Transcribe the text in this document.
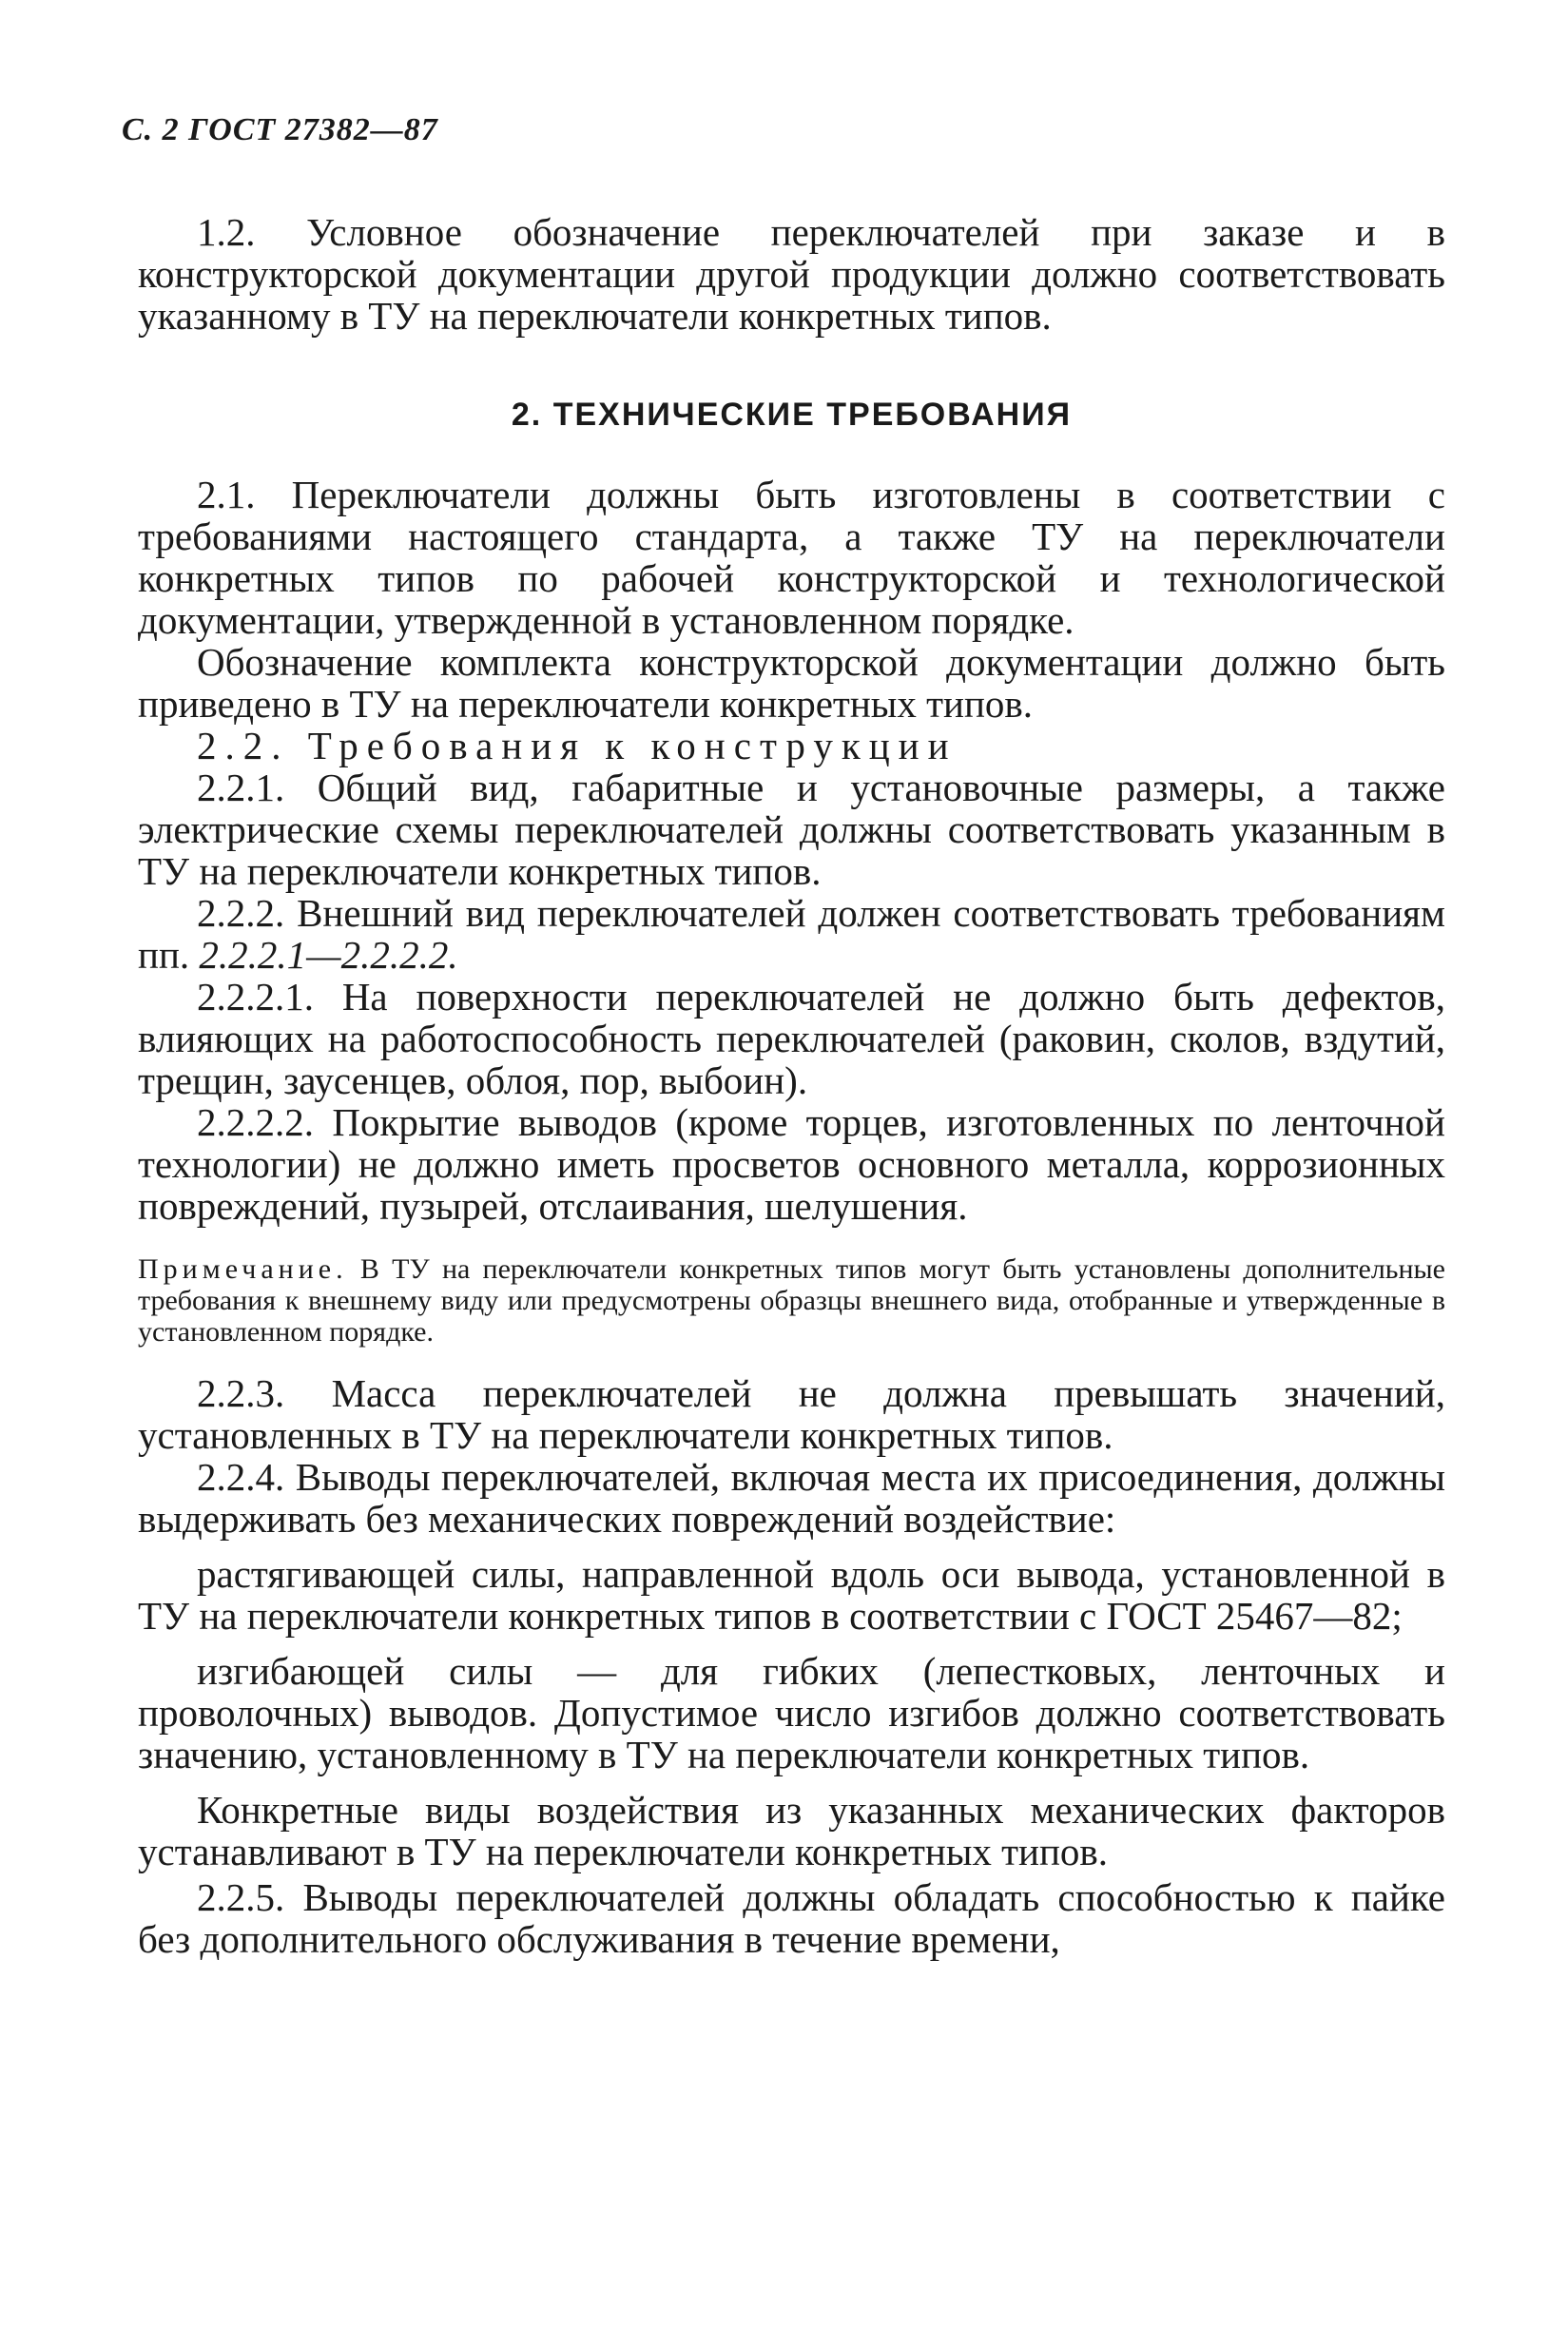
С. 2 ГОСТ 27382—87

1.2. Условное обозначение переключателей при заказе и в конструкторской документации другой продукции должно соответствовать указанному в ТУ на переключатели конкретных типов.

2. ТЕХНИЧЕСКИЕ ТРЕБОВАНИЯ

2.1. Переключатели должны быть изготовлены в соответствии с требованиями настоящего стандарта, а также ТУ на переключатели конкретных типов по рабочей конструкторской и технологической документации, утвержденной в установленном порядке.

Обозначение комплекта конструкторской документации должно быть приведено в ТУ на переключатели конкретных типов.

2.2. Требования к конструкции

2.2.1. Общий вид, габаритные и установочные размеры, а также электрические схемы переключателей должны соответствовать указанным в ТУ на переключатели конкретных типов.

2.2.2. Внешний вид переключателей должен соответствовать требованиям пп. 2.2.2.1—2.2.2.2.

2.2.2.1. На поверхности переключателей не должно быть дефектов, влияющих на работоспособность переключателей (раковин, сколов, вздутий, трещин, заусенцев, облоя, пор, выбоин).

2.2.2.2. Покрытие выводов (кроме торцев, изготовленных по ленточной технологии) не должно иметь просветов основного металла, коррозионных повреждений, пузырей, отслаивания, шелушения.

Примечание. В ТУ на переключатели конкретных типов могут быть установлены дополнительные требования к внешнему виду или предусмотрены образцы внешнего вида, отобранные и утвержденные в установленном порядке.

2.2.3. Масса переключателей не должна превышать значений, установленных в ТУ на переключатели конкретных типов.

2.2.4. Выводы переключателей, включая места их присоединения, должны выдерживать без механических повреждений воздействие:

растягивающей силы, направленной вдоль оси вывода, установленной в ТУ на переключатели конкретных типов в соответствии с ГОСТ 25467—82;

изгибающей силы — для гибких (лепестковых, ленточных и проволочных) выводов. Допустимое число изгибов должно соответствовать значению, установленному в ТУ на переключатели конкретных типов.

Конкретные виды воздействия из указанных механических факторов устанавливают в ТУ на переключатели конкретных типов.

2.2.5. Выводы переключателей должны обладать способностью к пайке без дополнительного обслуживания в течение времени,
